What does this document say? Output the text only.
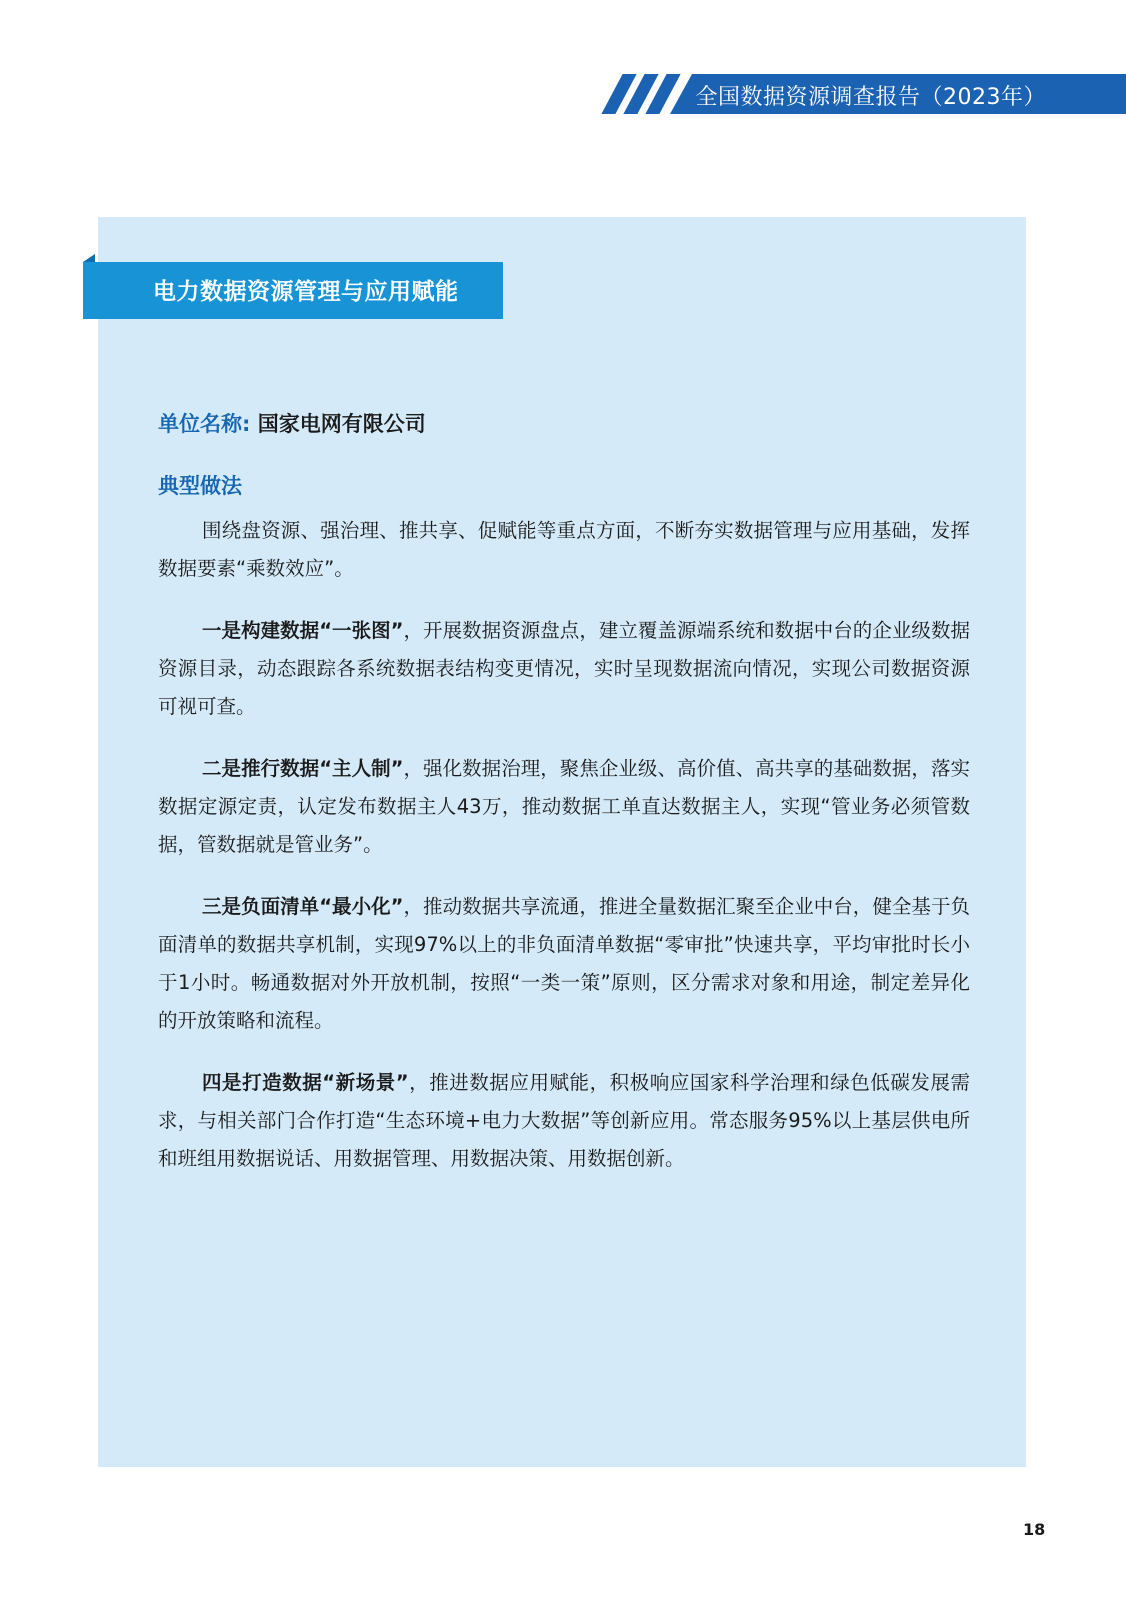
全国数据资源调查报告（2023年）
电力数据资源管理与应用赋能
单位名称: 国家电网有限公司
典型做法

围绕盘资源、强治理、推共享、促赋能等重点方面，不断夯实数据管理与应用基础，发挥数据要素“乘数效应”。

一是构建数据“一张图”，开展数据资源盘点，建立覆盖源端系统和数据中台的企业级数据资源目录，动态跟踪各系统数据表结构变更情况，实时呈现数据流向情况，实现公司数据资源可视可查。

二是推行数据“主人制”，强化数据治理，聚焦企业级、高价值、高共享的基础数据，落实数据定源定责，认定发布数据主人43万，推动数据工单直达数据主人，实现“管业务必须管数据，管数据就是管业务”。

三是负面清单“最小化”，推动数据共享流通，推进全量数据汇聚至企业中台，健全基于负面清单的数据共享机制，实现97%以上的非负面清单数据“零审批”快速共享，平均审批时长小于1小时。畅通数据对外开放机制，按照“一类一策”原则，区分需求对象和用途，制定差异化的开放策略和流程。

四是打造数据“新场景”，推进数据应用赋能，积极响应国家科学治理和绿色低碳发展需求，与相关部门合作打造“生态环境+电力大数据”等创新应用。常态服务95%以上基层供电所和班组用数据说话、用数据管理、用数据决策、用数据创新。

18
